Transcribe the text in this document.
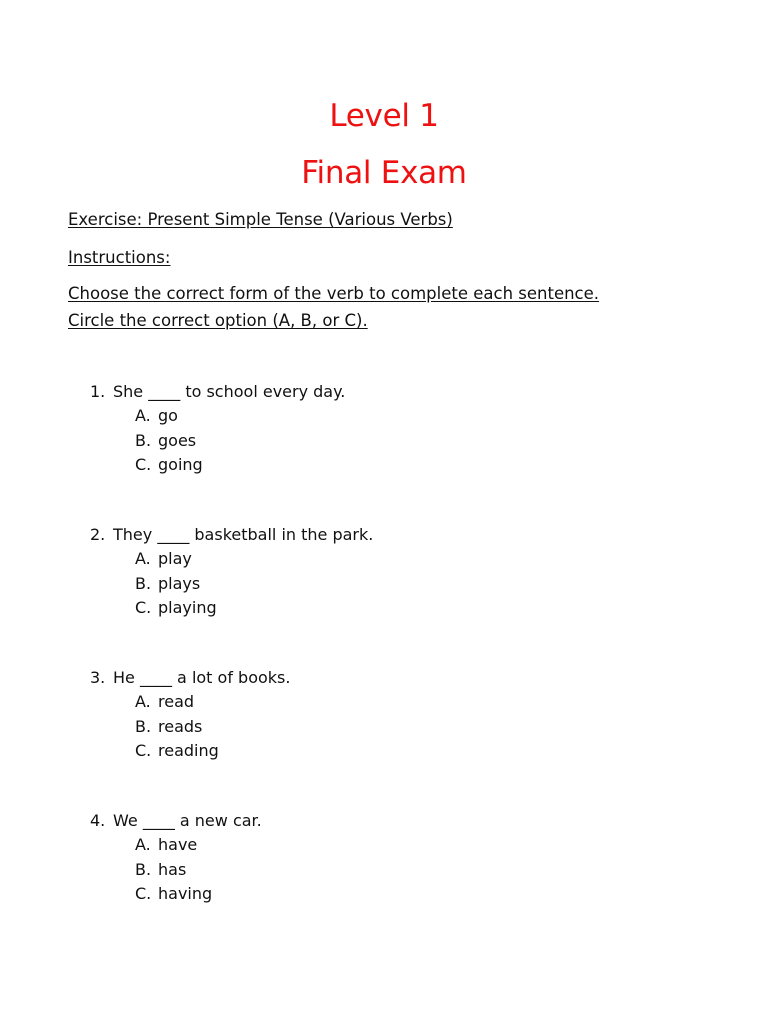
Level 1
Final Exam
Exercise: Present Simple Tense (Various Verbs)
Instructions:
Choose the correct form of the verb to complete each sentence.
Circle the correct option (A, B, or C).
1. She ____ to school every day.
A. go
B. goes
C. going
2. They ____ basketball in the park.
A. play
B. plays
C. playing
3. He ____ a lot of books.
A. read
B. reads
C. reading
4. We ____ a new car.
A. have
B. has
C. having
